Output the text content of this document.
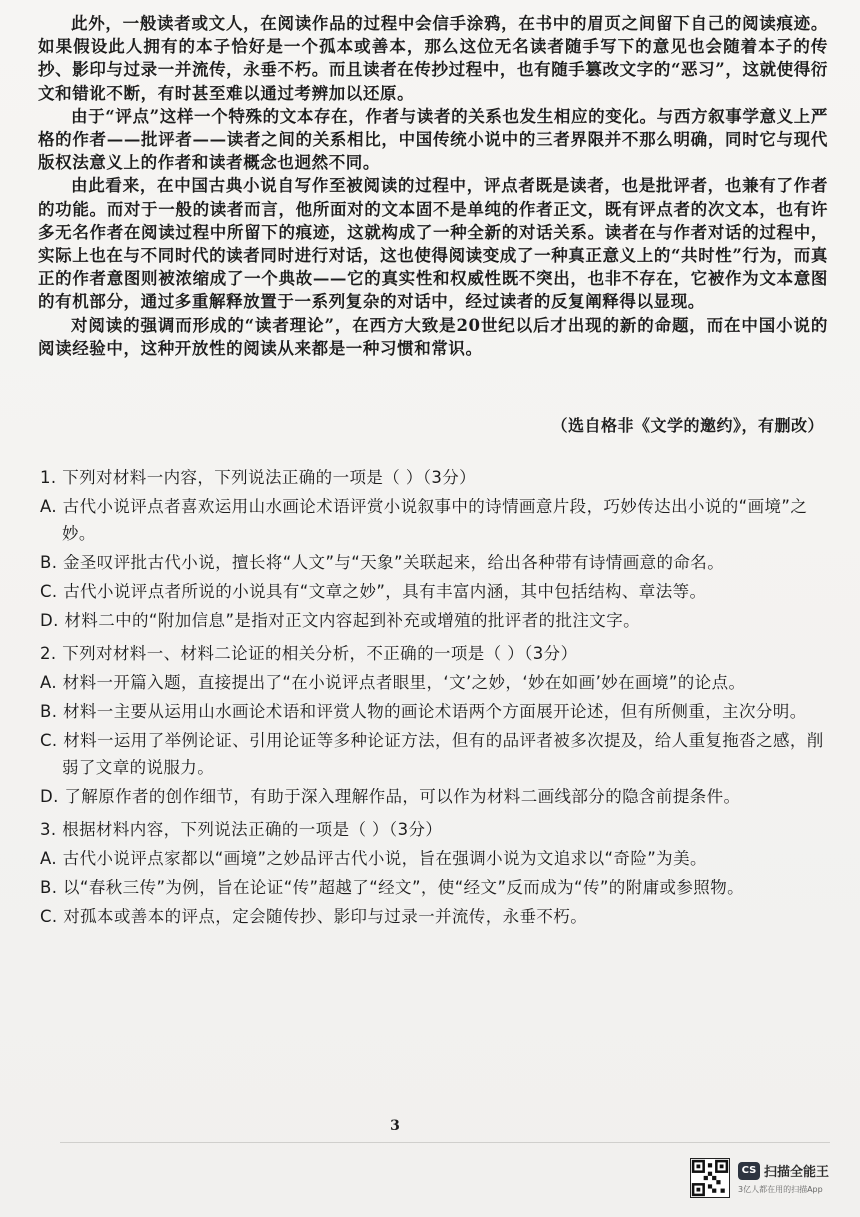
此外，一般读者或文人，在阅读作品的过程中会信手涂鸦，在书中的眉页之间留下自己的阅读痕迹。如果假设此人拥有的本子恰好是一个孤本或善本，那么这位无名读者随手写下的意见也会随着本子的传抄、影印与过录一并流传，永垂不朽。而且读者在传抄过程中，也有随手篡改文字的“恶习”，这就使得衍文和错讹不断，有时甚至难以通过考辨加以还原。

由于“评点”这样一个特殊的文本存在，作者与读者的关系也发生相应的变化。与西方叙事学意义上严格的作者——批评者——读者之间的关系相比，中国传统小说中的三者界限并不那么明确，同时它与现代版权法意义上的作者和读者概念也迥然不同。

由此看来，在中国古典小说自写作至被阅读的过程中，评点者既是读者，也是批评者，也兼有了作者的功能。而对于一般的读者而言，他所面对的文本固不是单纯的作者正文，既有评点者的次文本，也有许多无名作者在阅读过程中所留下的痕迹，这就构成了一种全新的对话关系。读者在与作者对话的过程中，实际上也在与不同时代的读者同时进行对话，这也使得阅读变成了一种真正意义上的“共时性”行为，而真正的作者意图则被浓缩成了一个典故——它的真实性和权威性既不突出，也非不存在，它被作为文本意图的有机部分，通过多重解释放置于一系列复杂的对话中，经过读者的反复阐释得以显现。

对阅读的强调而形成的“读者理论”，在西方大致是20世纪以后才出现的新的命题，而在中国小说的阅读经验中，这种开放性的阅读从来都是一种习惯和常识。

（选自格非《文学的邀约》，有删改）
1. 下列对材料一内容，下列说法正确的一项是（ ）（3分）
A. 古代小说评点者喜欢运用山水画论术语评赏小说叙事中的诗情画意片段，巧妙传达出小说的“画境”之妙。
B. 金圣叹评批古代小说，擅长将“人文”与“天象”关联起来，给出各种带有诗情画意的命名。
C. 古代小说评点者所说的小说具有“文章之妙”，具有丰富内涵，其中包括结构、章法等。
D. 材料二中的“附加信息”是指对正文内容起到补充或增殖的批评者的批注文字。
2. 下列对材料一、材料二论证的相关分析，不正确的一项是（ ）（3分）
A. 材料一开篇入题，直接提出了“在小说评点者眼里，‘文’之妙，‘妙在如画’妙在画境”的论点。
B. 材料一主要从运用山水画论术语和评赏人物的画论术语两个方面展开论述，但有所侧重，主次分明。
C. 材料一运用了举例论证、引用论证等多种论证方法，但有的品评者被多次提及，给人重复拖沓之感，削弱了文章的说服力。
D. 了解原作者的创作细节，有助于深入理解作品，可以作为材料二画线部分的隐含前提条件。
3. 根据材料内容，下列说法正确的一项是（ ）（3分）
A. 古代小说评点家都以“画境”之妙品评古代小说，旨在强调小说为文追求以“奇险”为美。
B. 以“春秋三传”为例，旨在论证“传”超越了“经文”，使“经文”反而成为“传”的附庸或参照物。
C. 对孤本或善本的评点，定会随传抄、影印与过录一并流传，永垂不朽。
3
CS 扫描全能王
3亿人都在用的扫描App
